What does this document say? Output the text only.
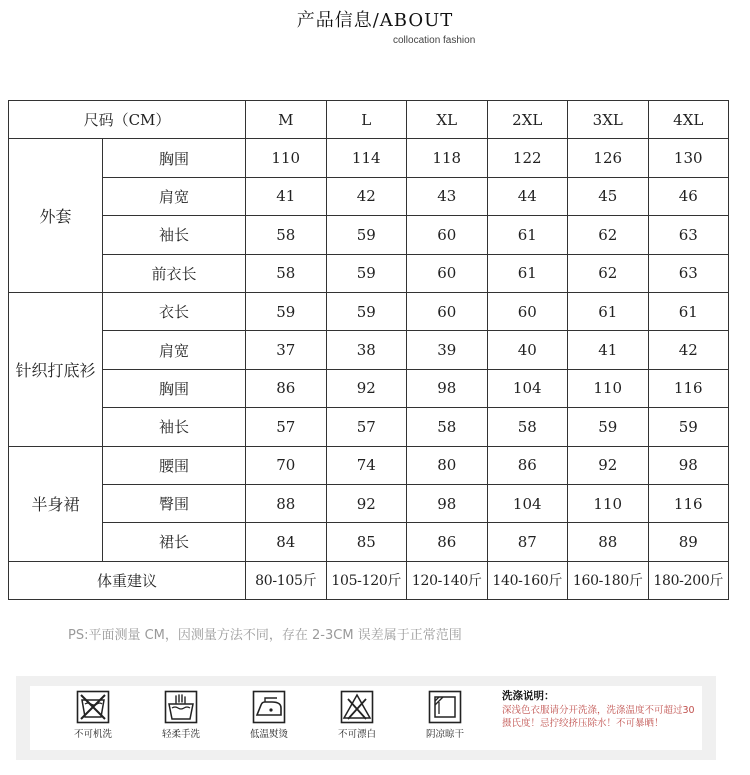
产品信息/ABOUT
collocation fashion
尺码（CM）		M	L	XL	2XL	3XL	4XL
外套	胸围	110	114	118	122	126	130
	肩宽	41	42	43	44	45	46
	袖长	58	59	60	61	62	63
	前衣长	58	59	60	61	62	63
针织打底衫	衣长	59	59	60	60	61	61
	肩宽	37	38	39	40	41	42
	胸围	86	92	98	104	110	116
	袖长	57	57	58	58	59	59
半身裙	腰围	70	74	80	86	92	98
	臀围	88	92	98	104	110	116
	裙长	84	85	86	87	88	89
体重建议		80-105斤	105-120斤	120-140斤	140-160斤	160-180斤	180-200斤
PS:平面测量 CM，因测量方法不同，存在 2-3CM 误差属于正常范围
不可机洗	轻柔手洗	低温熨烫	不可漂白	阴凉晾干
洗涤说明：
深浅色衣服请分开洗涤，洗涤温度不可超过30摄氏度！忌拧绞挤压除水！不可暴晒！
